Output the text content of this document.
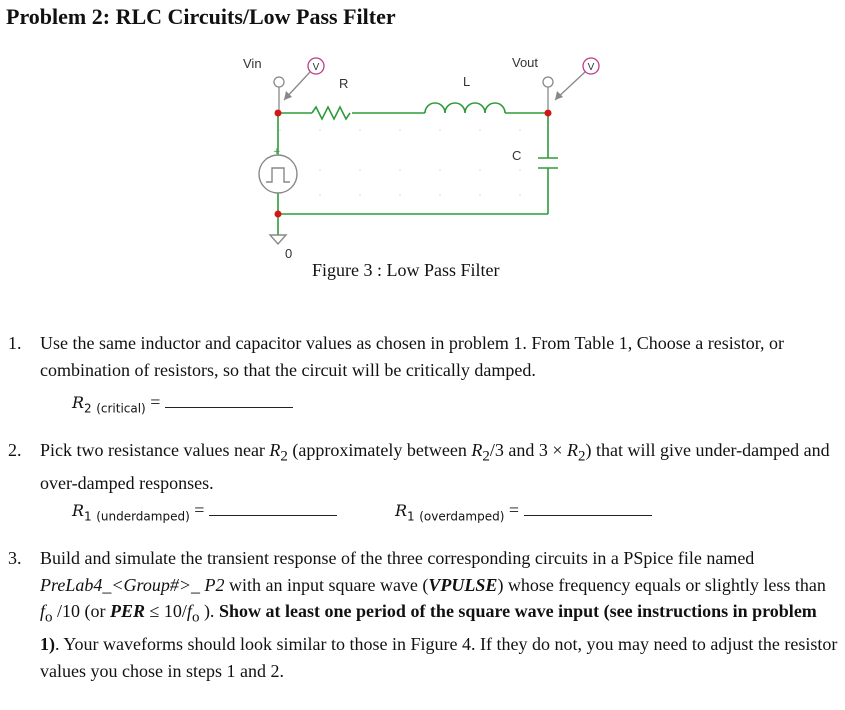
Problem 2: RLC Circuits/Low Pass Filter
+
V	V
Vin
R	L
Vout
C
0
Figure 3 : Low Pass Filter
1. Use the same inductor and capacitor values as chosen in problem 1. From Table 1, Choose a resistor, or combination of resistors, so that the circuit will be critically damped.
$R_2$ $_{(critical)}$ =
2. Pick two resistance values near $R_2$ (approximately between $R_2/3$ and $3 \times R_2$) that will give under-damped and over-damped responses.
$R_1$ $_{(underdamped)}$ =	$R_1$ $_{(overdamped)}$ =
3. Build and simulate the transient response of the three corresponding circuits in a PSpice file named PreLab4_<Group#>_ P2 with an input square wave (VPULSE) whose frequency equals or slightly less than $f_o$ /10 (or PER ≤ $10/f_o$ ). Show at least one period of the square wave input (see instructions in problem 1). Your waveforms should look similar to those in Figure 4. If they do not, you may need to adjust the resistor values you chose in steps 1 and 2.
